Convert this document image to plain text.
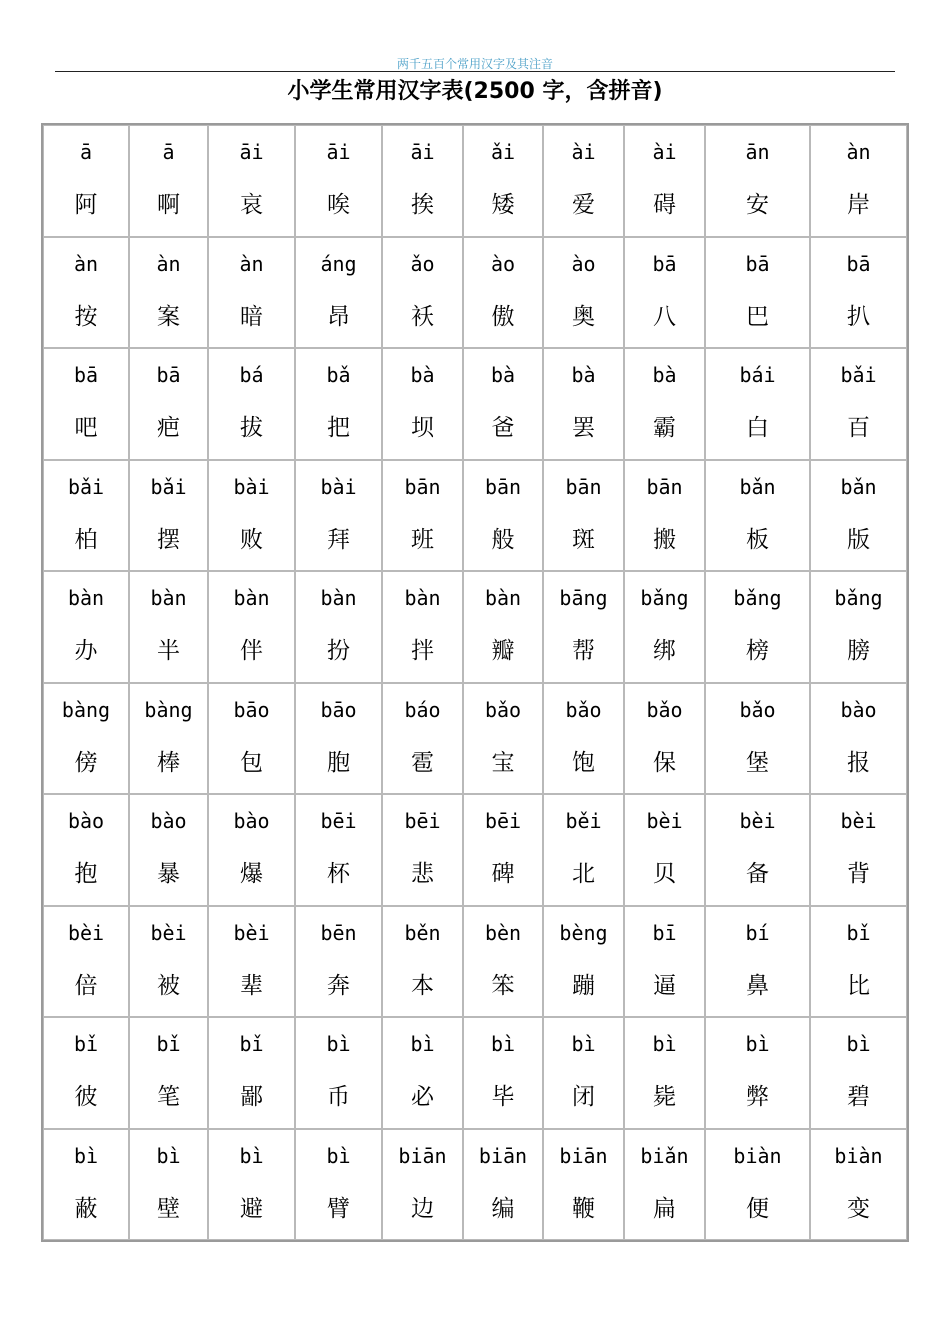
两千五百个常用汉字及其注音
小学生常用汉字表(2500 字，含拼音)
ā
阿
ā
啊
āi
哀
āi
唉
āi
挨
ǎi
矮
ài
爱
ài
碍
ān
安
àn
岸
àn
按
àn
案
àn
暗
áng
昂
ǎo
袄
ào
傲
ào
奥
bā
八
bā
巴
bā
扒
bā
吧
bā
疤
bá
拔
bǎ
把
bà
坝
bà
爸
bà
罢
bà
霸
bái
白
bǎi
百
bǎi
柏
bǎi
摆
bài
败
bài
拜
bān
班
bān
般
bān
斑
bān
搬
bǎn
板
bǎn
版
bàn
办
bàn
半
bàn
伴
bàn
扮
bàn
拌
bàn
瓣
bāng
帮
bǎng
绑
bǎng
榜
bǎng
膀
bàng
傍
bàng
棒
bāo
包
bāo
胞
báo
雹
bǎo
宝
bǎo
饱
bǎo
保
bǎo
堡
bào
报
bào
抱
bào
暴
bào
爆
bēi
杯
bēi
悲
bēi
碑
běi
北
bèi
贝
bèi
备
bèi
背
bèi
倍
bèi
被
bèi
辈
bēn
奔
běn
本
bèn
笨
bèng
蹦
bī
逼
bí
鼻
bǐ
比
bǐ
彼
bǐ
笔
bǐ
鄙
bì
币
bì
必
bì
毕
bì
闭
bì
毙
bì
弊
bì
碧
bì
蔽
bì
壁
bì
避
bì
臂
biān
边
biān
编
biān
鞭
biǎn
扁
biàn
便
biàn
变
